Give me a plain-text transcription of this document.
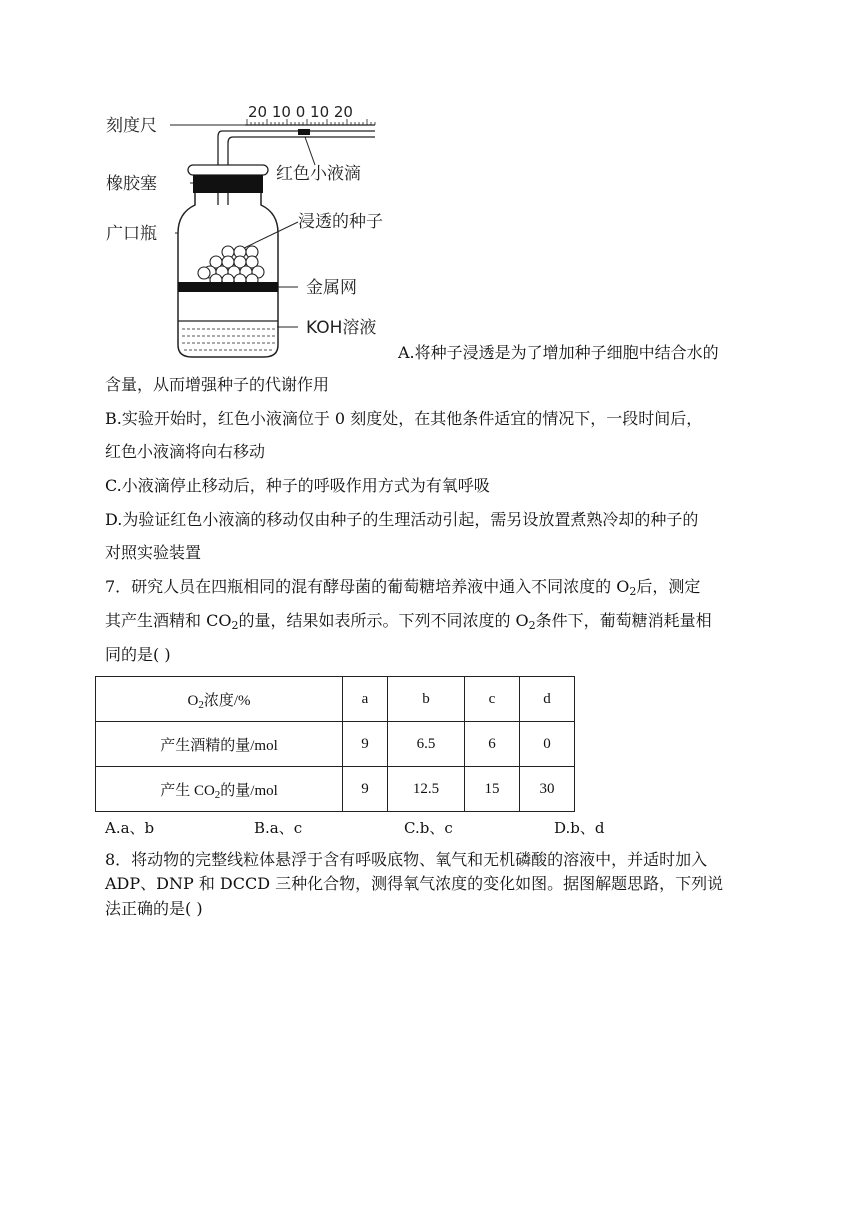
20 10 0 10 20
刻度尺
红色小液滴
橡胶塞
浸透的种子
广口瓶
金属网
KOH溶液
A.将种子浸透是为了增加种子细胞中结合水的
含量，从而增强种子的代谢作用
B.实验开始时，红色小液滴位于 0 刻度处，在其他条件适宜的情况下，一段时间后，
红色小液滴将向右移动
C.小液滴停止移动后，种子的呼吸作用方式为有氧呼吸
D.为验证红色小液滴的移动仅由种子的生理活动引起，需另设放置煮熟冷却的种子的
对照实验装置
7．研究人员在四瓶相同的混有酵母菌的葡萄糖培养液中通入不同浓度的 $O_2$后，测定
其产生酒精和 $CO_2$的量，结果如表所示。下列不同浓度的 $O_2$条件下，葡萄糖消耗量相
同的是( )
$O_2$浓度/%	a	b	c	d
产生酒精的量/mol	9	6.5	6	0
产生 $CO_2$的量/mol	9	12.5	15	30
A.a、b	B.a、c	C.b、c	D.b、d
8．将动物的完整线粒体悬浮于含有呼吸底物、氧气和无机磷酸的溶液中，并适时加入
ADP、DNP 和 DCCD 三种化合物，测得氧气浓度的变化如图。据图解题思路，下列说
法正确的是( )
